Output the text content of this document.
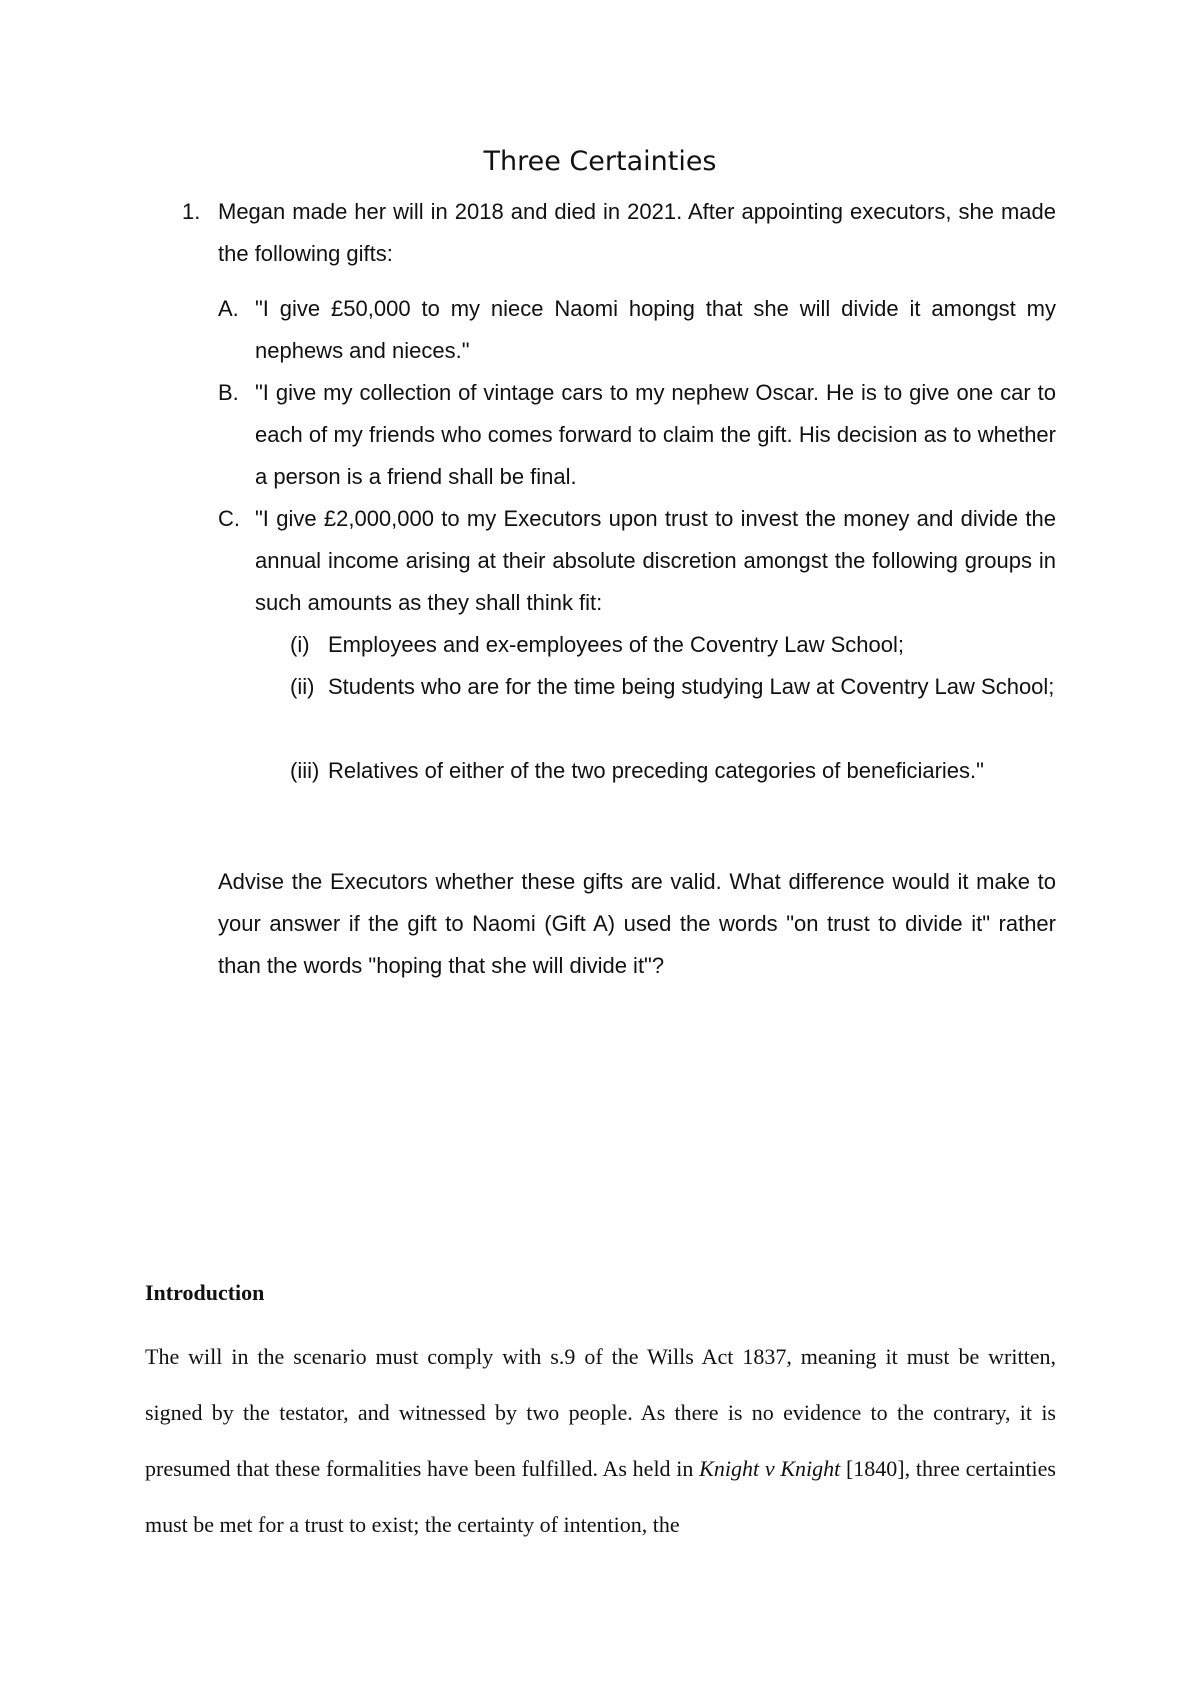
Three Certainties
1. Megan made her will in 2018 and died in 2021. After appointing executors, she made the following gifts:

A. "I give £50,000 to my niece Naomi hoping that she will divide it amongst my nephews and nieces."

B. "I give my collection of vintage cars to my nephew Oscar. He is to give one car to each of my friends who comes forward to claim the gift. His decision as to whether a person is a friend shall be final.

C. "I give £2,000,000 to my Executors upon trust to invest the money and divide the annual income arising at their absolute discretion amongst the following groups in such amounts as they shall think fit:

(i) Employees and ex-employees of the Coventry Law School;

(ii) Students who are for the time being studying Law at Coventry Law School;

(iii) Relatives of either of the two preceding categories of beneficiaries."

Advise the Executors whether these gifts are valid. What difference would it make to your answer if the gift to Naomi (Gift A) used the words "on trust to divide it" rather than the words "hoping that she will divide it"?

Introduction

The will in the scenario must comply with s.9 of the Wills Act 1837, meaning it must be written, signed by the testator, and witnessed by two people. As there is no evidence to the contrary, it is presumed that these formalities have been fulfilled. As held in Knight v Knight [1840], three certainties must be met for a trust to exist; the certainty of intention, the
